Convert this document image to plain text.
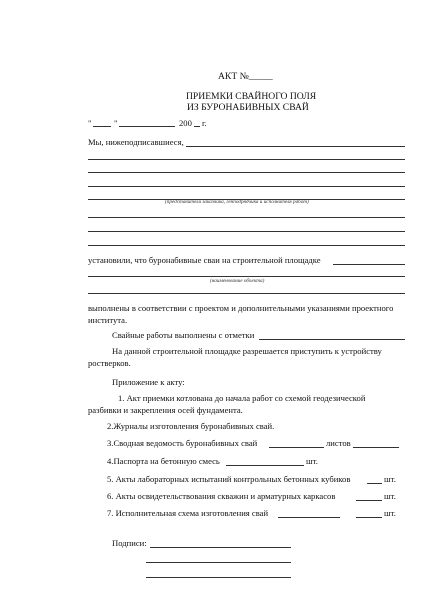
АКТ №_____
ПРИЕМКИ СВАЙНОГО ПОЛЯ
ИЗ БУРОНАБИВНЫХ СВАЙ
"	"	200 г.
Мы, нижеподписавшиеся,
(представители заказчика, генподрядчика и исполнителя работ)
установили, что буронабивные сваи на строительной площадке
(наименование объекта)
выполнены в соответствии с проектом и дополнительными указаниями проектного
института.
Свайные работы выполнены с отметки
На данной строительной площадке разрешается приступить к устройству
ростверков.
Приложение к акту:
1. Акт приемки котлована до начала работ со схемой геодезической
разбивки и закрепления осей фундамента.
2.Журналы изготовления буронабивных свай.
3.Сводная ведомость буронабивных свай	листов
4.Паспорта на бетонную смесь	шт.
5. Акты лабораторных испытаний контрольных бетонных кубиков	шт.
6. Акты освидетельствования скважин и арматурных каркасов	шт.
7. Исполнительная схема изготовления свай	шт.
Подписи:
